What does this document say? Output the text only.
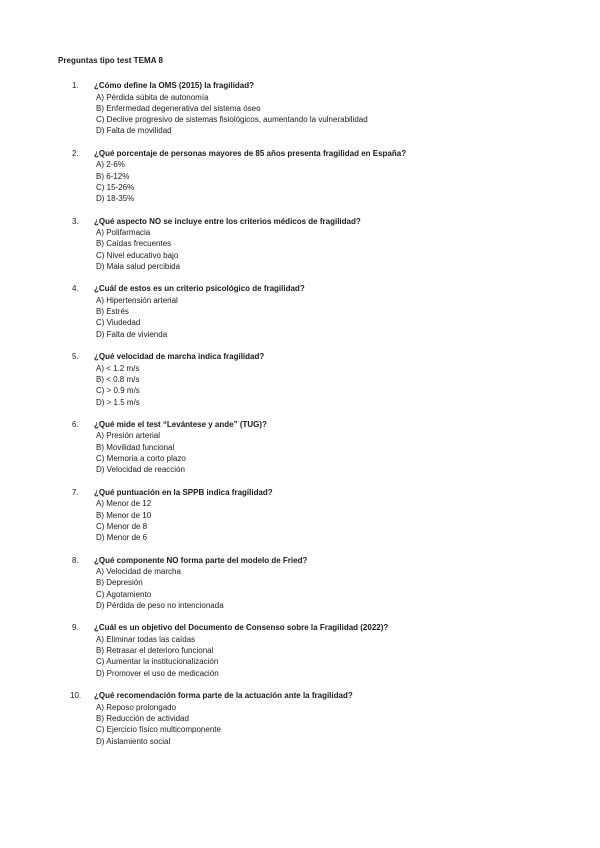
Preguntas tipo test TEMA 8
1. ¿Cómo define la OMS (2015) la fragilidad?
A) Pérdida súbita de autonomía
B) Enfermedad degenerativa del sistema óseo
C) Declive progresivo de sistemas fisiológicos, aumentando la vulnerabilidad
D) Falta de movilidad
2. ¿Qué porcentaje de personas mayores de 85 años presenta fragilidad en España?
A) 2-6%
B) 6-12%
C) 15-26%
D) 18-35%
3. ¿Qué aspecto NO se incluye entre los criterios médicos de fragilidad?
A) Polifarmacia
B) Caídas frecuentes
C) Nivel educativo bajo
D) Mala salud percibida
4. ¿Cuál de estos es un criterio psicológico de fragilidad?
A) Hipertensión arterial
B) Estrés
C) Viudedad
D) Falta de vivienda
5. ¿Qué velocidad de marcha indica fragilidad?
A) < 1.2 m/s
B) < 0.8 m/s
C) > 0.9 m/s
D) > 1.5 m/s
6. ¿Qué mide el test “Levántese y ande” (TUG)?
A) Presión arterial
B) Movilidad funcional
C) Memoria a corto plazo
D) Velocidad de reacción
7. ¿Qué puntuación en la SPPB indica fragilidad?
A) Menor de 12
B) Menor de 10
C) Menor de 8
D) Menor de 6
8. ¿Qué componente NO forma parte del modelo de Fried?
A) Velocidad de marcha
B) Depresión
C) Agotamiento
D) Pérdida de peso no intencionada
9. ¿Cuál es un objetivo del Documento de Consenso sobre la Fragilidad (2022)?
A) Eliminar todas las caídas
B) Retrasar el deterioro funcional
C) Aumentar la institucionalización
D) Promover el uso de medicación
10. ¿Qué recomendación forma parte de la actuación ante la fragilidad?
A) Reposo prolongado
B) Reducción de actividad
C) Ejercicio físico multicomponente
D) Aislamiento social
